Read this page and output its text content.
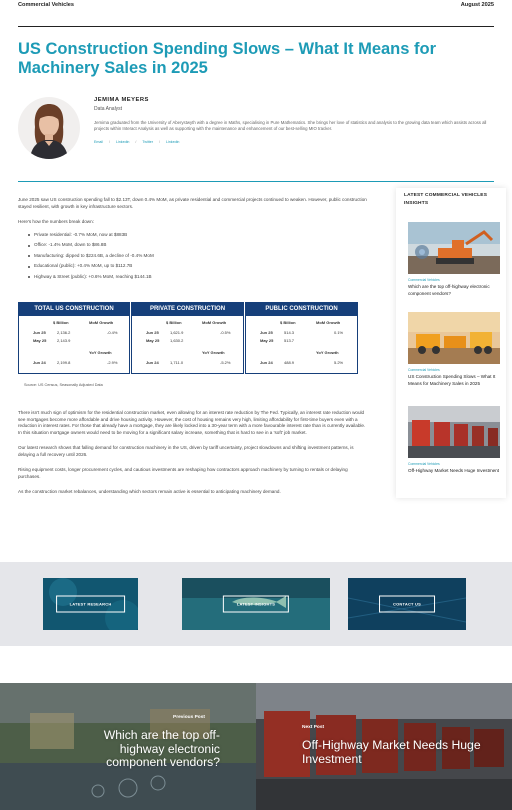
Commercial Vehicles	August 2025
US Construction Spending Slows – What It Means for Machinery Sales in 2025
JEMIMA MEYERS
Data Analyst
Jemima graduated from the University of Aberystwyth with a degree in Maths, specialising in Pure Mathematics. She brings her love of statistics and analysis to the growing data team which assists across all projects within Interact Analysis as well as supporting with the maintenance and enhancement of our best-selling MIO tracker.
Email / Linkedin / Twitter / Linkedin

June 2025 saw US construction spending fall to $2.13T, down 0.4% MoM, as private residential and commercial projects continued to weaken. However, public construction stayed resilient, with growth in key infrastructure sectors.

Here's how the numbers break down:

Private residential: -0.7% MoM, now at $883B
Office: -1.4% MoM, down to $86.8B
Manufacturing: dipped to $224.6B, a decline of -0.4% MoM
Educational (public): +0.4% MoM, up to $112.7B
Highway & Street (public): +0.6% MoM, reaching $144.1B
TOTAL US CONSTRUCTION
$ Billion	MoM Growth
Jun 25	2,136.2	-0.4%
May 25	2,143.9
YoY Growth
Jun 24	2,199.8	-2.9%
PRIVATE CONSTRUCTION
$ Billion	MoM Growth
Jun 25	1,621.9	-0.5%
May 25	1,630.2
YoY Growth
Jun 24	1,711.0	-5.2%
PUBLIC CONSTRUCTION
$ Billion	MoM Growth
Jun 25	514.3	0.1%
May 25	513.7
YoY Growth
Jun 24	488.9	5.2%
Source: US Census, Seasonally Adjusted Data

There isn't much sign of optimism for the residential construction market, even allowing for an interest rate reduction by The Fed. Typically, an interest rate reduction would see mortgages become more affordable and drive housing activity. However, the cost of housing remains very high, limiting affordability for first-time buyers even with a reduction in interest rates. For those that already have a mortgage, they are likely locked into a 30-year term with a more favourable interest rate than is currently available. In this situation mortgage owners would need to be moving for a significant salary increase, something that is hard to see in a 'soft' job market.

Our latest research shows that falling demand for construction machinery in the US, driven by tariff uncertainty, project slowdowns and shifting investment patterns, is delaying a full recovery until 2026.

Rising equipment costs, longer procurement cycles, and cautious investments are reshaping how contractors approach machinery by turning to rentals or delaying purchases.

As the construction market rebalances, understanding which sectors remain active is essential to anticipating machinery demand.

LATEST COMMERCIAL VEHICLES INSIGHTS
Commercial Vehicles
Which are the top off-highway electronic component vendors?
Commercial Vehicles
US Construction Spending Slows – What It Means for Machinery Sales in 2025
Commercial Vehicles
Off-Highway Market Needs Huge Investment
LATEST RESEARCH	LATEST INSIGHTS	CONTACT US
Previous Post
Which are the top off-highway electronic component vendors?
Next Post
Off-Highway Market Needs Huge Investment
